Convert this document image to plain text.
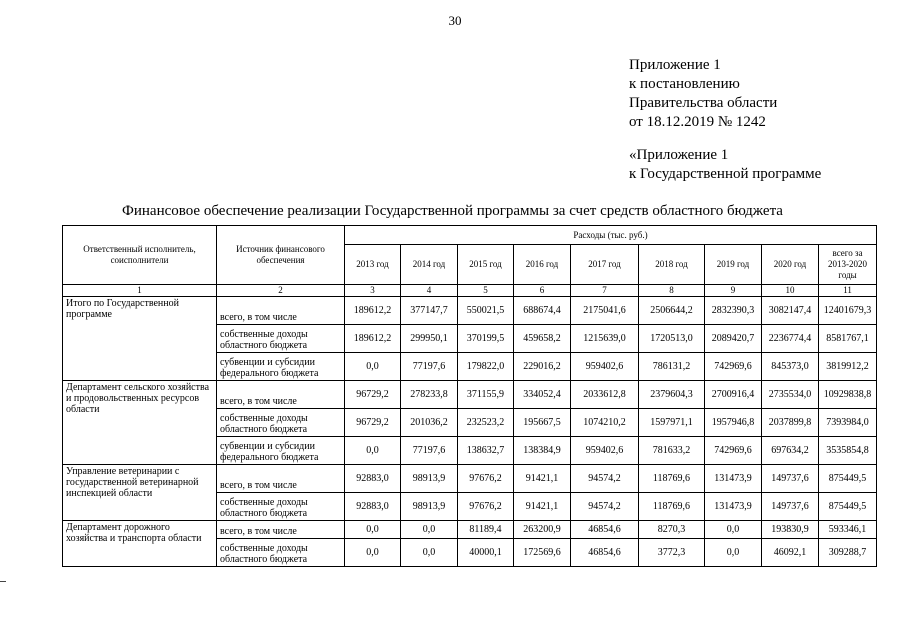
30
Приложение 1
к постановлению
Правительства области
от 18.12.2019 № 1242
«Приложение 1
к Государственной программе
Финансовое обеспечение реализации Государственной программы за счет средств областного бюджета
Ответственный исполнитель, соисполнители	Источник финансового обеспечения	Расходы (тыс. руб.)								
		2013 год	2014 год	2015 год	2016 год	2017 год	2018 год	2019 год	2020 год	всего за 2013-2020 годы
1	2	3	4	5	6	7	8	9	10	11
Итого по Государственной программе	всего, в том числе	189612,2	377147,7	550021,5	688674,4	2175041,6	2506644,2	2832390,3	3082147,4	12401679,3
	собственные доходы областного бюджета	189612,2	299950,1	370199,5	459658,2	1215639,0	1720513,0	2089420,7	2236774,4	8581767,1
	субвенции и субсидии федерального бюджета	0,0	77197,6	179822,0	229016,2	959402,6	786131,2	742969,6	845373,0	3819912,2
Департамент сельского хозяйства и продовольственных ресурсов области	всего, в том числе	96729,2	278233,8	371155,9	334052,4	2033612,8	2379604,3	2700916,4	2735534,0	10929838,8
	собственные доходы областного бюджета	96729,2	201036,2	232523,2	195667,5	1074210,2	1597971,1	1957946,8	2037899,8	7393984,0
	субвенции и субсидии федерального бюджета	0,0	77197,6	138632,7	138384,9	959402,6	781633,2	742969,6	697634,2	3535854,8
Управление ветеринарии с государственной ветеринарной инспекцией области	всего, в том числе	92883,0	98913,9	97676,2	91421,1	94574,2	118769,6	131473,9	149737,6	875449,5
	собственные доходы областного бюджета	92883,0	98913,9	97676,2	91421,1	94574,2	118769,6	131473,9	149737,6	875449,5
Департамент дорожного хозяйства и транспорта области	всего, в том числе	0,0	0,0	81189,4	263200,9	46854,6	8270,3	0,0	193830,9	593346,1
	собственные доходы областного бюджета	0,0	0,0	40000,1	172569,6	46854,6	3772,3	0,0	46092,1	309288,7
